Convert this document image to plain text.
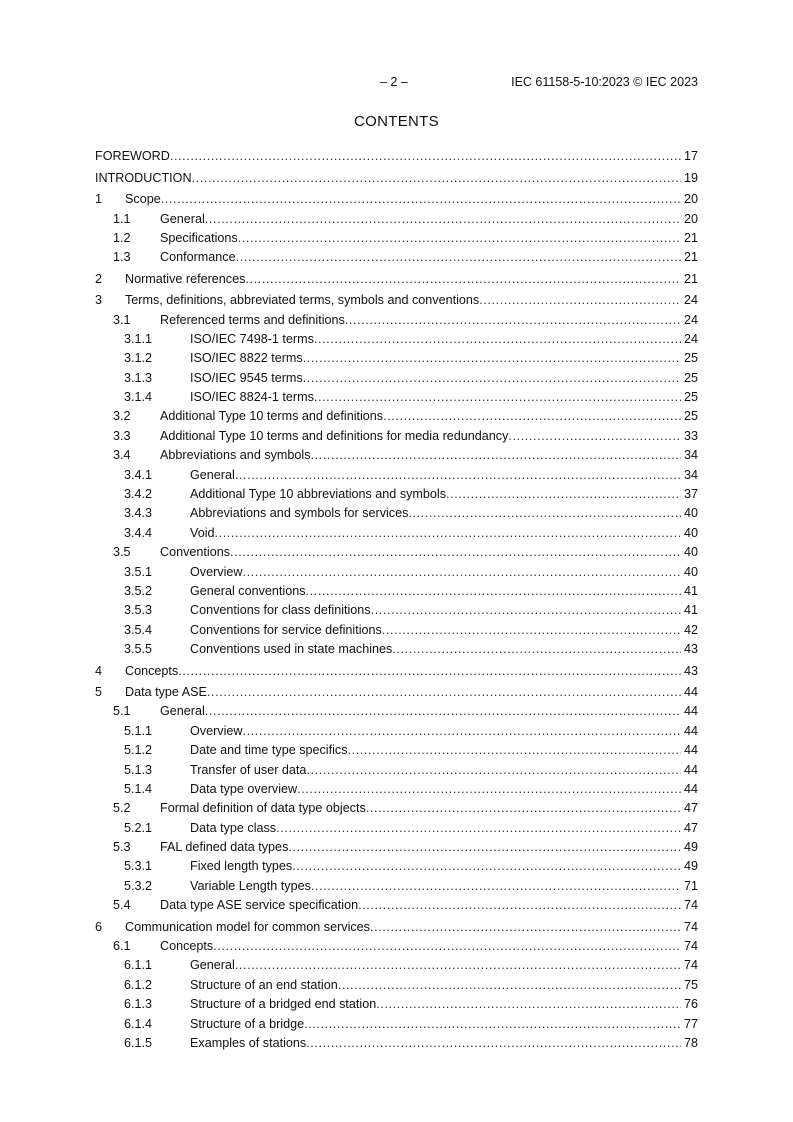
– 2 –	IEC 61158-5-10:2023 © IEC 2023
CONTENTS
FOREWORD .....	17
INTRODUCTION .....	19
1 Scope .....	20
1.1 General .....	20
1.2 Specifications .....	21
1.3 Conformance .....	21
2 Normative references .....	21
3 Terms, definitions, abbreviated terms, symbols and conventions .....	24
3.1 Referenced terms and definitions .....	24
3.1.1	ISO/IEC 7498-1 terms .....	24
3.1.2	ISO/IEC 8822 terms .....	25
3.1.3	ISO/IEC 9545 terms .....	25
3.1.4	ISO/IEC 8824-1 terms .....	25
3.2 Additional Type 10 terms and definitions .....	25
3.3 Additional Type 10 terms and definitions for media redundancy .....	33
3.4 Abbreviations and symbols .....	34
3.4.1	General .....	34
3.4.2	Additional Type 10 abbreviations and symbols .....	37
3.4.3	Abbreviations and symbols for services .....	40
3.4.4	Void .....	40
3.5 Conventions .....	40
3.5.1	Overview .....	40
3.5.2	General conventions .....	41
3.5.3	Conventions for class definitions .....	41
3.5.4	Conventions for service definitions .....	42
3.5.5	Conventions used in state machines .....	43
4 Concepts .....	43
5 Data type ASE .....	44
5.1 General .....	44
5.1.1	Overview .....	44
5.1.2	Date and time type specifics .....	44
5.1.3	Transfer of user data .....	44
5.1.4	Data type overview .....	44
5.2 Formal definition of data type objects .....	47
5.2.1	Data type class .....	47
5.3 FAL defined data types .....	49
5.3.1	Fixed length types .....	49
5.3.2	Variable Length types .....	71
5.4 Data type ASE service specification .....	74
6 Communication model for common services .....	74
6.1 Concepts .....	74
6.1.1	General .....	74
6.1.2	Structure of an end station .....	75
6.1.3	Structure of a bridged end station .....	76
6.1.4	Structure of a bridge .....	77
6.1.5	Examples of stations .....	78
